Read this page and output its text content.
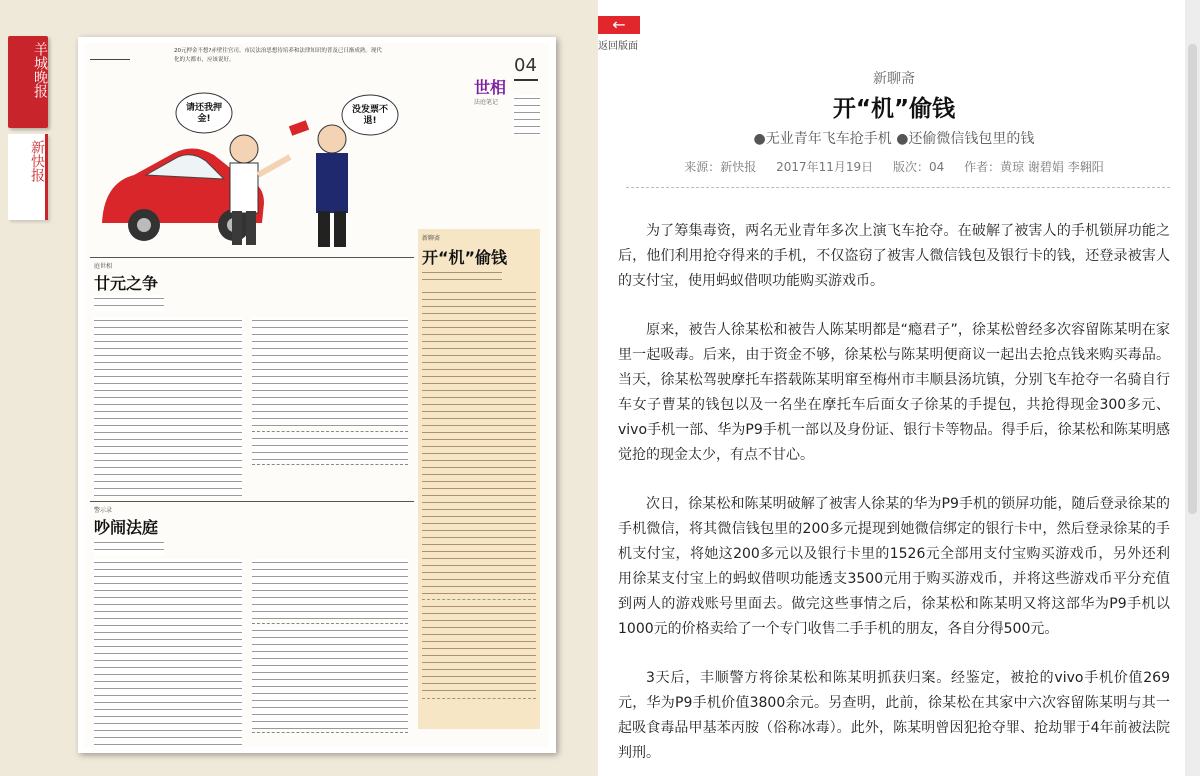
羊城晚报
新快报
20元押金不想?赤壁往官司。市民法治思想待培养和法律知识的普及已日渐成熟。现代化的大都市，应该说好。	04
世相
法庭笔记
请还我押金!
没发票不退!
庭世相
廿元之争
警示录
吵闹法庭
新聊斋
开“机”偷钱
←
返回版面
新聊斋
开“机”偷钱
●无业青年飞车抢手机 ●还偷微信钱包里的钱
来源：新快报 2017年11月19日 版次：04 作者：黄琼 谢碧娟 李翱阳

为了筹集毒资，两名无业青年多次上演飞车抢夺。在破解了被害人的手机锁屏功能之后，他们利用抢夺得来的手机，不仅盗窃了被害人微信钱包及银行卡的钱，还登录被害人的支付宝，使用蚂蚁借呗功能购买游戏币。

原来，被告人徐某松和被告人陈某明都是“瘾君子”，徐某松曾经多次容留陈某明在家里一起吸毒。后来，由于资金不够，徐某松与陈某明便商议一起出去抢点钱来购买毒品。当天，徐某松驾驶摩托车搭载陈某明窜至梅州市丰顺县汤坑镇，分别飞车抢夺一名骑自行车女子曹某的钱包以及一名坐在摩托车后面女子徐某的手提包，共抢得现金300多元、vivo手机一部、华为P9手机一部以及身份证、银行卡等物品。得手后，徐某松和陈某明感觉抢的现金太少，有点不甘心。

次日，徐某松和陈某明破解了被害人徐某的华为P9手机的锁屏功能，随后登录徐某的手机微信，将其微信钱包里的200多元提现到她微信绑定的银行卡中，然后登录徐某的手机支付宝，将她这200多元以及银行卡里的1526元全部用支付宝购买游戏币，另外还利用徐某支付宝上的蚂蚁借呗功能透支3500元用于购买游戏币，并将这些游戏币平分充值到两人的游戏账号里面去。做完这些事情之后，徐某松和陈某明又将这部华为P9手机以1000元的价格卖给了一个专门收售二手手机的朋友，各自分得500元。

3天后，丰顺警方将徐某松和陈某明抓获归案。经鉴定，被抢的vivo手机价值269元，华为P9手机价值3800余元。另查明，此前，徐某松在其家中六次容留陈某明与其一起吸食毒品甲基苯丙胺（俗称冰毒）。此外，陈某明曾因犯抢夺罪、抢劫罪于4年前被法院判刑。
